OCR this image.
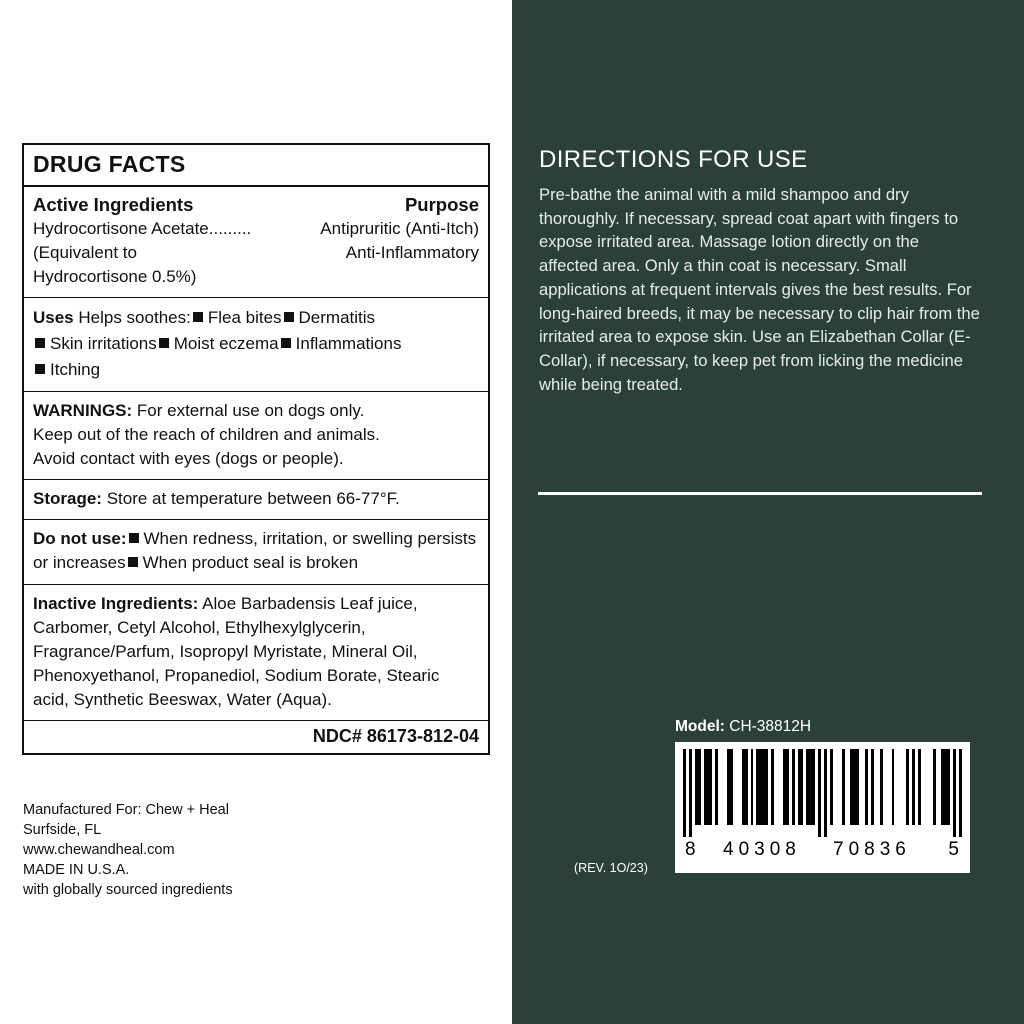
DRUG FACTS
Active Ingredients	Purpose
Antipruritic (Anti-Itch)
Hydrocortisone Acetate.........
Anti-Inflammatory
(Equivalent to
Hydrocortisone 0.5%)
Uses Helps soothes: Flea bites Dermatitis
Skin irritations Moist eczema Inflammations
Itching
WARNINGS: For external use on dogs only.
Keep out of the reach of children and animals.
Avoid contact with eyes (dogs or people).
Storage: Store at temperature between 66-77°F.
Do not use: When redness, irritation, or swelling persists or increases When product seal is broken
Inactive Ingredients: Aloe Barbadensis Leaf juice, Carbomer, Cetyl Alcohol, Ethylhexylglycerin, Fragrance/Parfum, Isopropyl Myristate, Mineral Oil, Phenoxyethanol, Propanediol, Sodium Borate, Stearic acid, Synthetic Beeswax, Water (Aqua).
NDC# 86173-812-04
Manufactured For: Chew + Heal
Surfside, FL
www.chewandheal.com
MADE IN U.S.A.
with globally sourced ingredients
DIRECTIONS FOR USE
Pre-bathe the animal with a mild shampoo and dry thoroughly. If necessary, spread coat apart with fingers to expose irritated area. Massage lotion directly on the affected area. Only a thin coat is necessary. Small applications at frequent intervals gives the best results. For long-haired breeds, it may be necessary to clip hair from the irritated area to expose skin. Use an Elizabethan Collar (E-Collar), if necessary, to keep pet from licking the medicine while being treated.
Model: CH-38812H
(REV. 1O/23)
8 40308 70836 5
